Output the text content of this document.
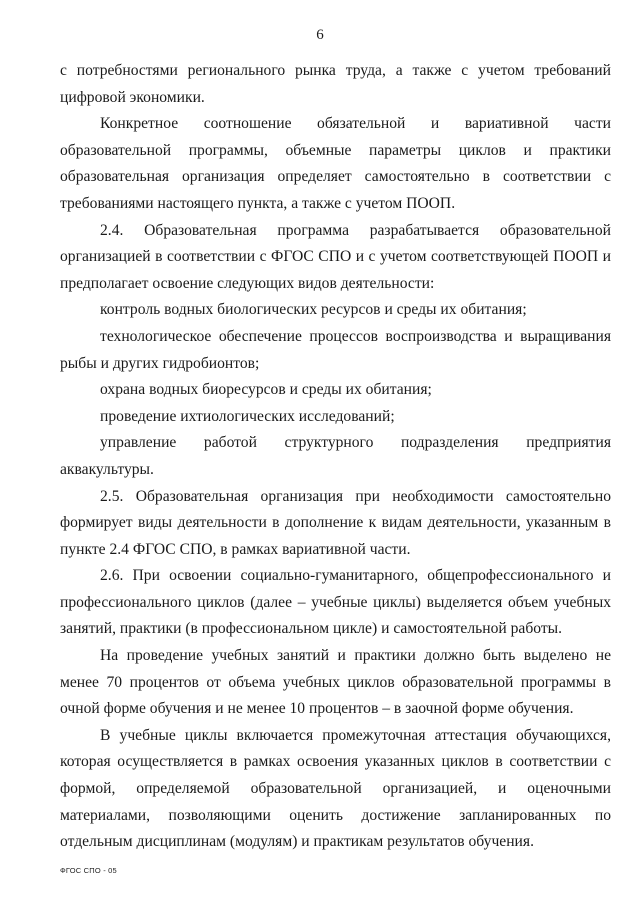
6

с потребностями регионального рынка труда, а также с учетом требований цифровой экономики.

Конкретное соотношение обязательной и вариативной части образовательной программы, объемные параметры циклов и практики образовательная организация определяет самостоятельно в соответствии с требованиями настоящего пункта, а также с учетом ПООП.

2.4. Образовательная программа разрабатывается образовательной организацией в соответствии с ФГОС СПО и с учетом соответствующей ПООП и предполагает освоение следующих видов деятельности:

контроль водных биологических ресурсов и среды их обитания;

технологическое обеспечение процессов воспроизводства и выращивания рыбы и других гидробионтов;

охрана водных биоресурсов и среды их обитания;

проведение ихтиологических исследований;

управление работой структурного подразделения предприятия аквакультуры.

2.5. Образовательная организация при необходимости самостоятельно формирует виды деятельности в дополнение к видам деятельности, указанным в пункте 2.4 ФГОС СПО, в рамках вариативной части.

2.6. При освоении социально-гуманитарного, общепрофессионального и профессионального циклов (далее – учебные циклы) выделяется объем учебных занятий, практики (в профессиональном цикле) и самостоятельной работы.

На проведение учебных занятий и практики должно быть выделено не менее 70 процентов от объема учебных циклов образовательной программы в очной форме обучения и не менее 10 процентов – в заочной форме обучения.

В учебные циклы включается промежуточная аттестация обучающихся, которая осуществляется в рамках освоения указанных циклов в соответствии с формой, определяемой образовательной организацией, и оценочными материалами, позволяющими оценить достижение запланированных по отдельным дисциплинам (модулям) и практикам результатов обучения.

ФГОС СПО - 05
